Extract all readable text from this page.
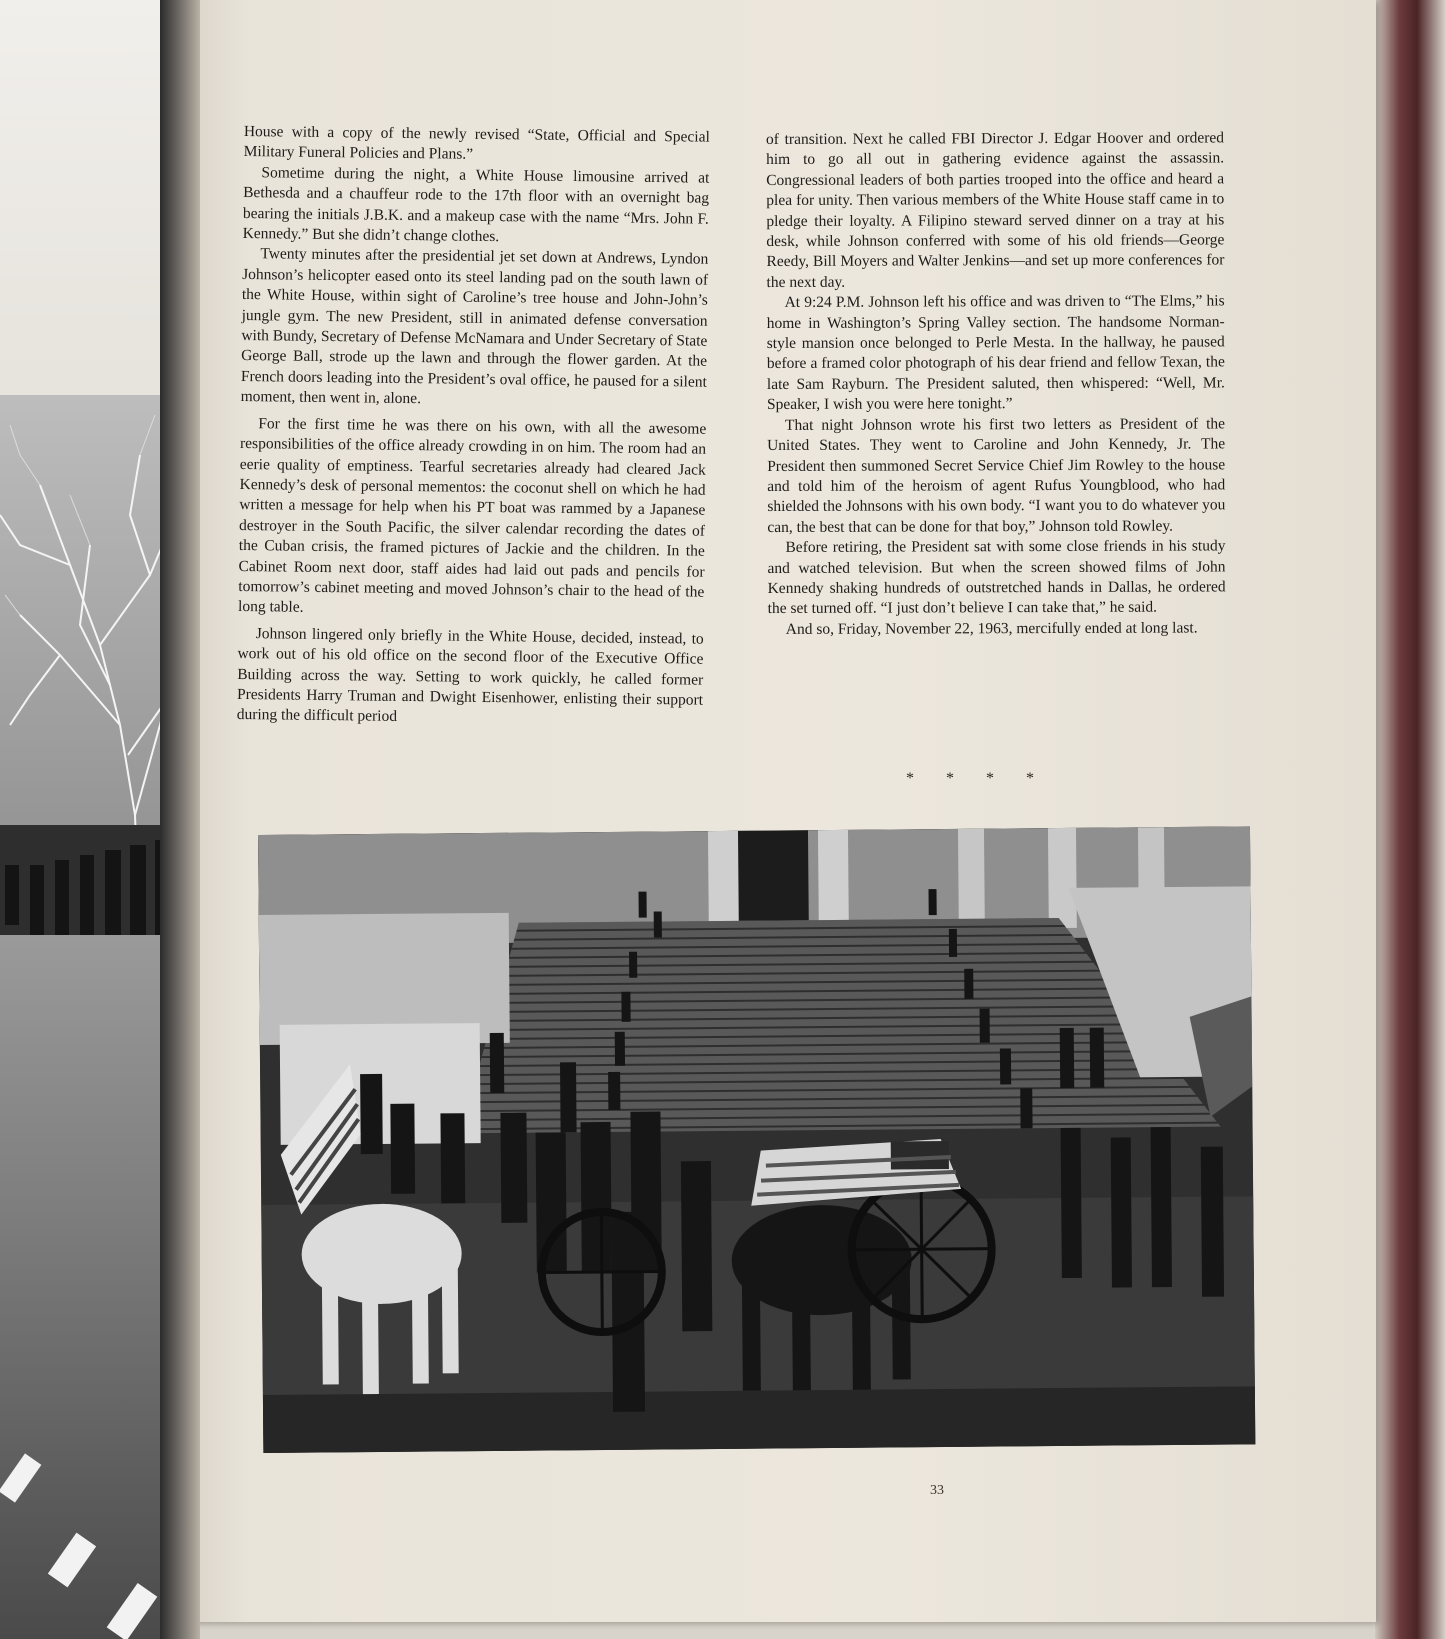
House with a copy of the newly revised “State, Official and Special Military Funeral Policies and Plans.”

Sometime during the night, a White House limousine arrived at Bethesda and a chauffeur rode to the 17th floor with an overnight bag bearing the initials J.B.K. and a makeup case with the name “Mrs. John F. Kennedy.” But she didn’t change clothes.

Twenty minutes after the presidential jet set down at Andrews, Lyndon Johnson’s helicopter eased onto its steel landing pad on the south lawn of the White House, within sight of Caroline’s tree house and John-John’s jungle gym. The new President, still in animated defense conversation with Bundy, Secretary of Defense McNamara and Under Secretary of State George Ball, strode up the lawn and through the flower garden. At the French doors leading into the President’s oval office, he paused for a silent moment, then went in, alone.

For the first time he was there on his own, with all the awesome responsibilities of the office already crowding in on him. The room had an eerie quality of emptiness. Tearful secretaries already had cleared Jack Kennedy’s desk of personal mementos: the coconut shell on which he had written a message for help when his PT boat was rammed by a Japanese destroyer in the South Pacific, the silver calendar recording the dates of the Cuban crisis, the framed pictures of Jackie and the children. In the Cabinet Room next door, staff aides had laid out pads and pencils for tomorrow’s cabinet meeting and moved Johnson’s chair to the head of the long table.

Johnson lingered only briefly in the White House, decided, instead, to work out of his old office on the second floor of the Executive Office Building across the way. Setting to work quickly, he called former Presidents Harry Truman and Dwight Eisenhower, enlisting their support during the difficult period

of transition. Next he called FBI Director J. Edgar Hoover and ordered him to go all out in gathering evidence against the assassin. Congressional leaders of both parties trooped into the office and heard a plea for unity. Then various members of the White House staff came in to pledge their loyalty. A Filipino steward served dinner on a tray at his desk, while Johnson conferred with some of his old friends—George Reedy, Bill Moyers and Walter Jenkins—and set up more conferences for the next day.

At 9:24 P.M. Johnson left his office and was driven to “The Elms,” his home in Washington’s Spring Valley section. The handsome Norman-style mansion once belonged to Perle Mesta. In the hallway, he paused before a framed color photograph of his dear friend and fellow Texan, the late Sam Rayburn. The President saluted, then whispered: “Well, Mr. Speaker, I wish you were here tonight.”

That night Johnson wrote his first two letters as President of the United States. They went to Caroline and John Kennedy, Jr. The President then summoned Secret Service Chief Jim Rowley to the house and told him of the heroism of agent Rufus Youngblood, who had shielded the Johnsons with his own body. “I want you to do whatever you can, the best that can be done for that boy,” Johnson told Rowley.

Before retiring, the President sat with some close friends in his study and watched television. But when the screen showed films of John Kennedy shaking hundreds of outstretched hands in Dallas, he ordered the set turned off. “I just don’t believe I can take that,” he said.

And so, Friday, November 22, 1963, mercifully ended at long last.

* * * *
33
